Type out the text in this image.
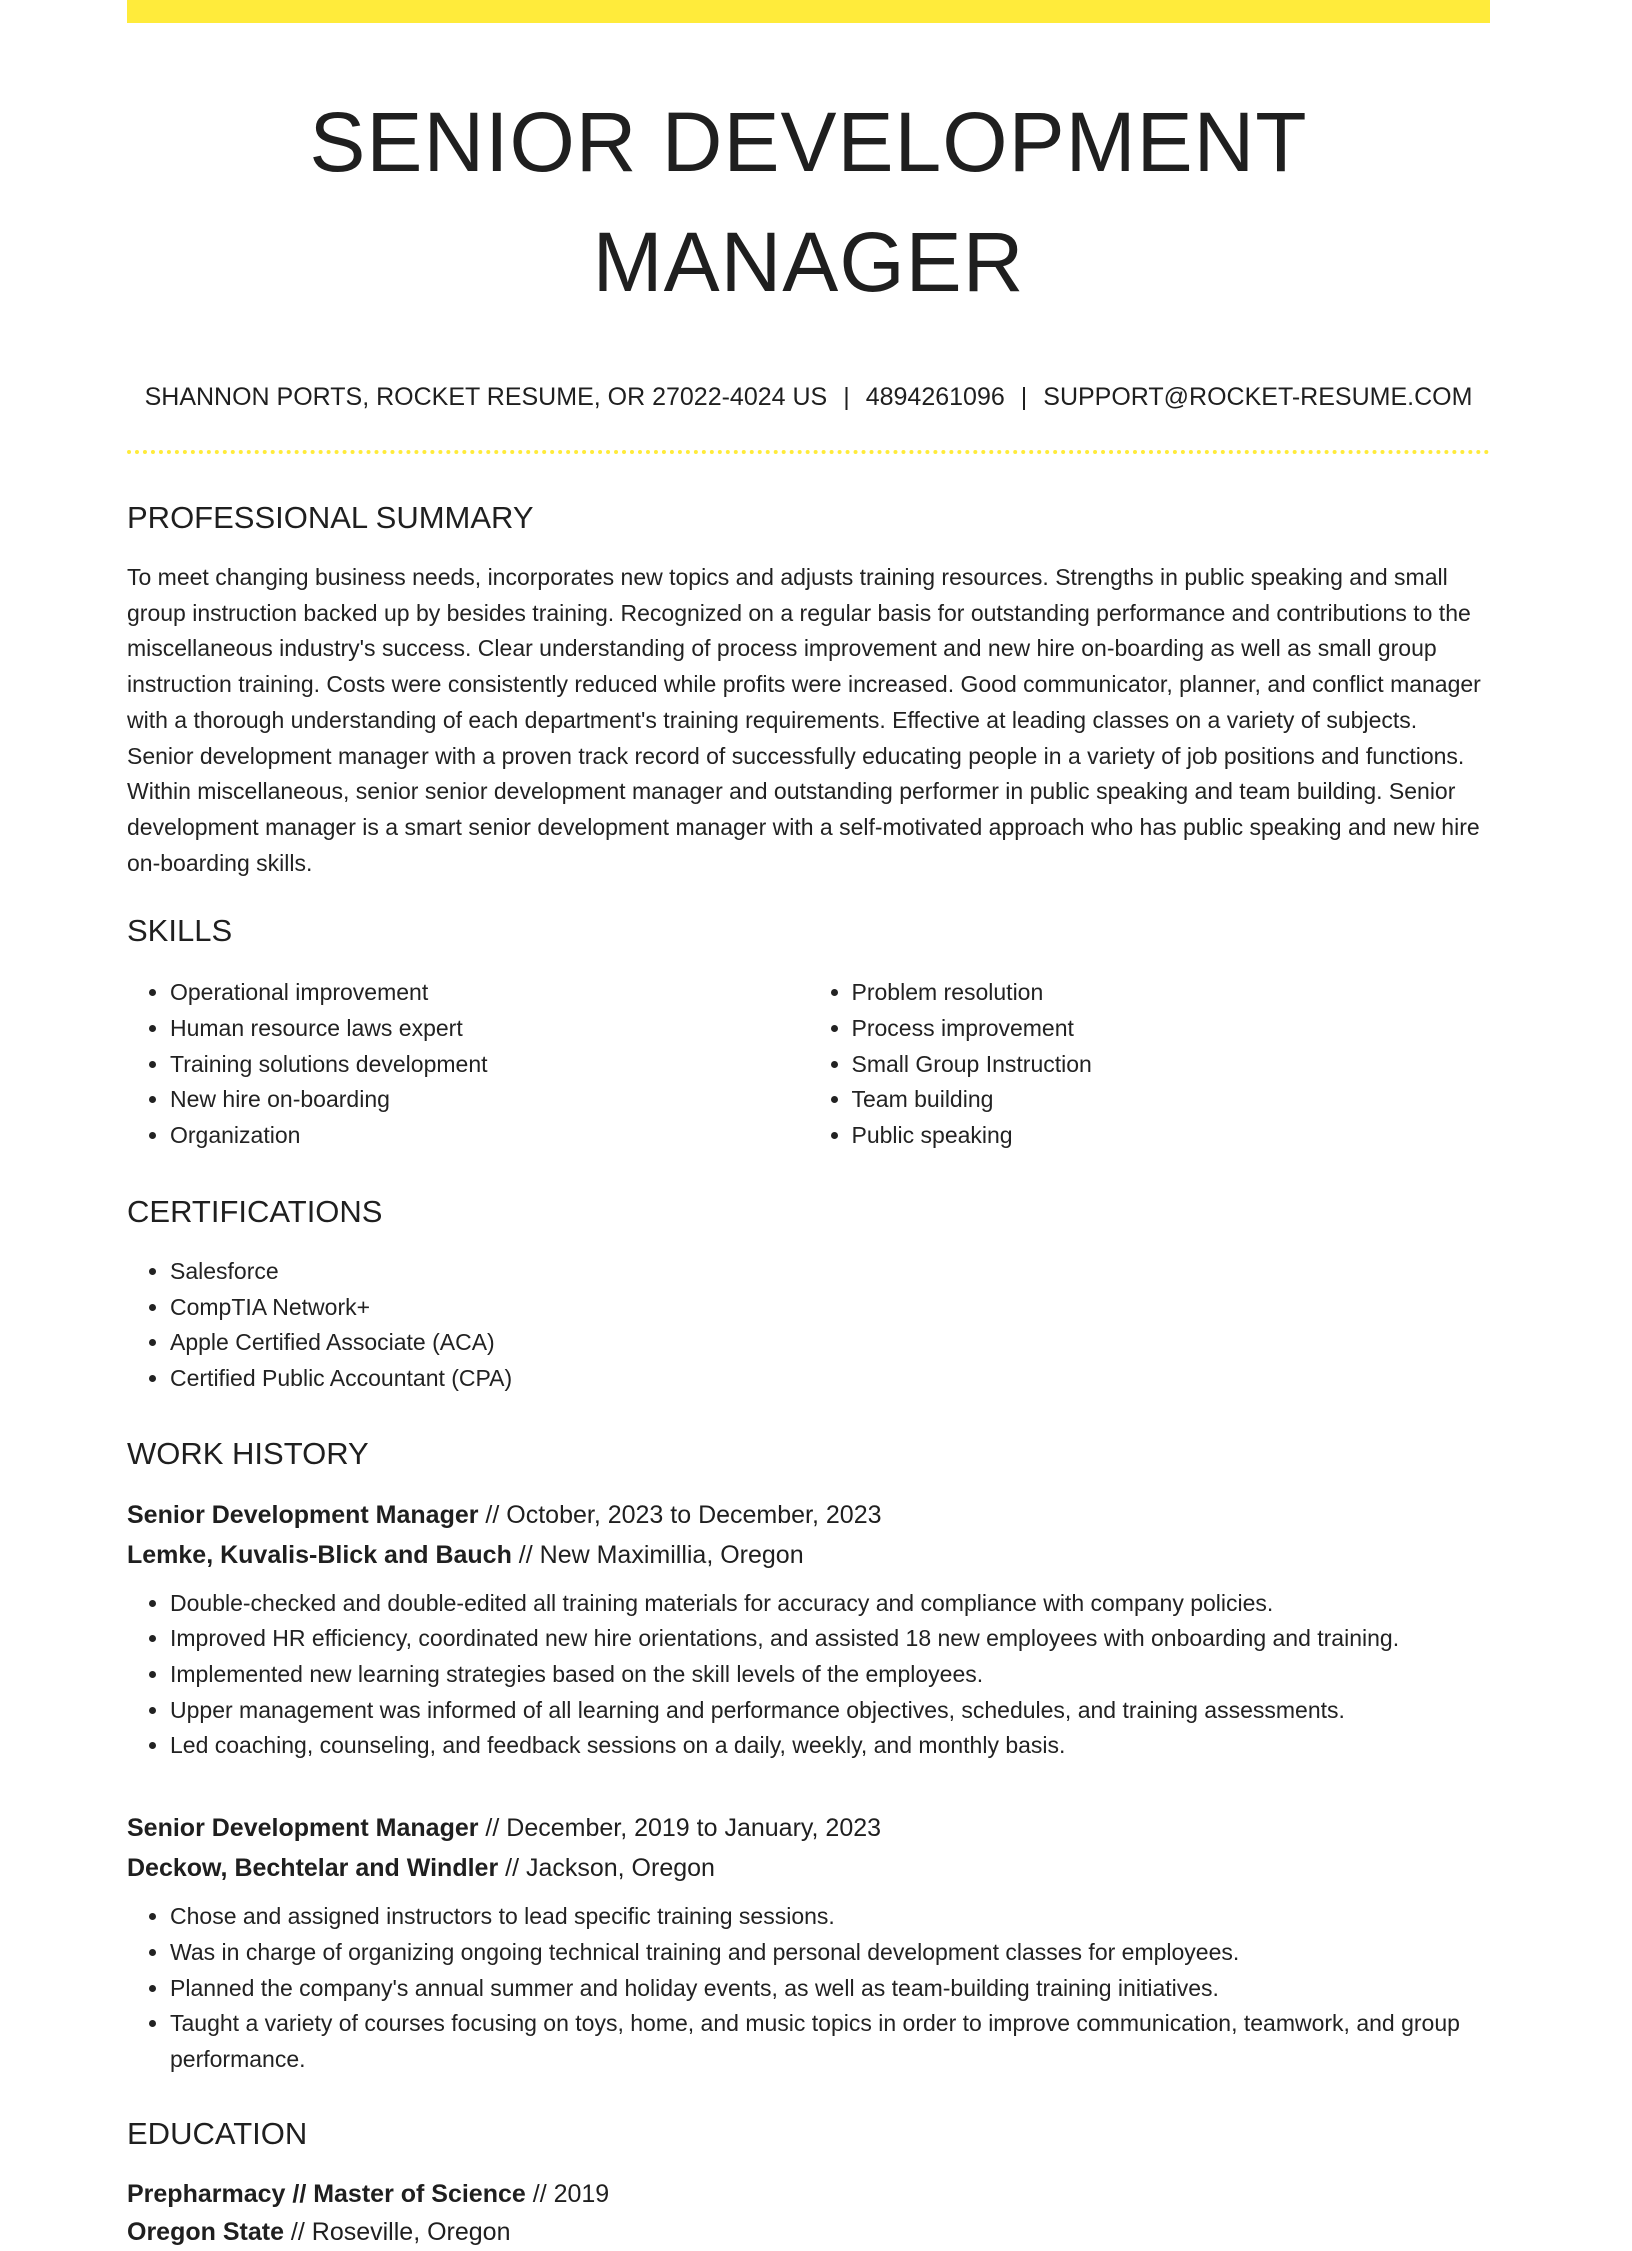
SENIOR DEVELOPMENT MANAGER
SHANNON PORTS, ROCKET RESUME, OR 27022-4024 US | 4894261096 | SUPPORT@ROCKET-RESUME.COM
PROFESSIONAL SUMMARY

To meet changing business needs, incorporates new topics and adjusts training resources. Strengths in public speaking and small group instruction backed up by besides training. Recognized on a regular basis for outstanding performance and contributions to the miscellaneous industry's success. Clear understanding of process improvement and new hire on-boarding as well as small group instruction training. Costs were consistently reduced while profits were increased. Good communicator, planner, and conflict manager with a thorough understanding of each department's training requirements. Effective at leading classes on a variety of subjects. Senior development manager with a proven track record of successfully educating people in a variety of job positions and functions. Within miscellaneous, senior senior development manager and outstanding performer in public speaking and team building. Senior development manager is a smart senior development manager with a self-motivated approach who has public speaking and new hire on-boarding skills.

SKILLS
• Operational improvement
• Human resource laws expert
• Training solutions development
• New hire on-boarding
• Organization
• Problem resolution
• Process improvement
• Small Group Instruction
• Team building
• Public speaking
CERTIFICATIONS
• Salesforce
• CompTIA Network+
• Apple Certified Associate (ACA)
• Certified Public Accountant (CPA)
WORK HISTORY
Senior Development Manager // October, 2023 to December, 2023
Lemke, Kuvalis-Blick and Bauch // New Maximillia, Oregon
• Double-checked and double-edited all training materials for accuracy and compliance with company policies.
• Improved HR efficiency, coordinated new hire orientations, and assisted 18 new employees with onboarding and training.
• Implemented new learning strategies based on the skill levels of the employees.
• Upper management was informed of all learning and performance objectives, schedules, and training assessments.
• Led coaching, counseling, and feedback sessions on a daily, weekly, and monthly basis.
Senior Development Manager // December, 2019 to January, 2023
Deckow, Bechtelar and Windler // Jackson, Oregon
• Chose and assigned instructors to lead specific training sessions.
• Was in charge of organizing ongoing technical training and personal development classes for employees.
• Planned the company's annual summer and holiday events, as well as team-building training initiatives.
• Taught a variety of courses focusing on toys, home, and music topics in order to improve communication, teamwork, and group performance.
EDUCATION
Prepharmacy // Master of Science // 2019
Oregon State // Roseville, Oregon
